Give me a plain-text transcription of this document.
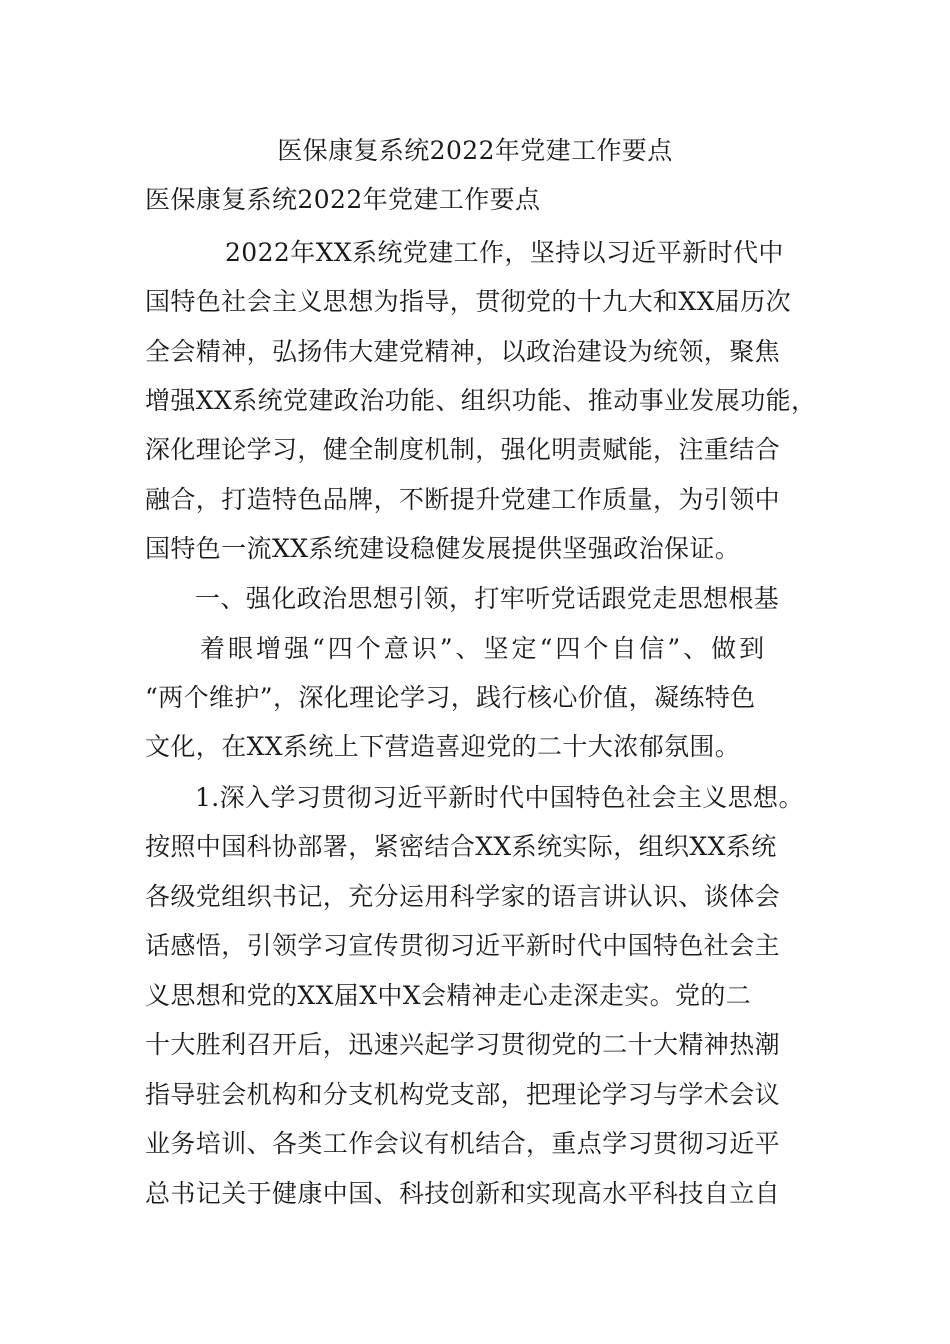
医保康复系统2022年党建工作要点
医保康复系统2022年党建工作要点
2022年XX系统党建工作，坚持以习近平新时代中
国特色社会主义思想为指导，贯彻党的十九大和XX届历次
全会精神，弘扬伟大建党精神，以政治建设为统领，聚焦
增强XX系统党建政治功能、组织功能、推动事业发展功能，
深化理论学习，健全制度机制，强化明责赋能，注重结合
融合，打造特色品牌，不断提升党建工作质量，为引领中
国特色一流XX系统建设稳健发展提供坚强政治保证。
一、强化政治思想引领，打牢听党话跟党走思想根基
着眼增强“四个意识”、坚定“四个自信”、做到
“两个维护”，深化理论学习，践行核心价值，凝练特色
文化，在XX系统上下营造喜迎党的二十大浓郁氛围。
1.深入学习贯彻习近平新时代中国特色社会主义思想。
按照中国科协部署，紧密结合XX系统实际，组织XX系统
各级党组织书记，充分运用科学家的语言讲认识、谈体会
话感悟，引领学习宣传贯彻习近平新时代中国特色社会主
义思想和党的XX届X中X会精神走心走深走实。党的二
十大胜利召开后，迅速兴起学习贯彻党的二十大精神热潮
指导驻会机构和分支机构党支部，把理论学习与学术会议
业务培训、各类工作会议有机结合，重点学习贯彻习近平
总书记关于健康中国、科技创新和实现高水平科技自立自
